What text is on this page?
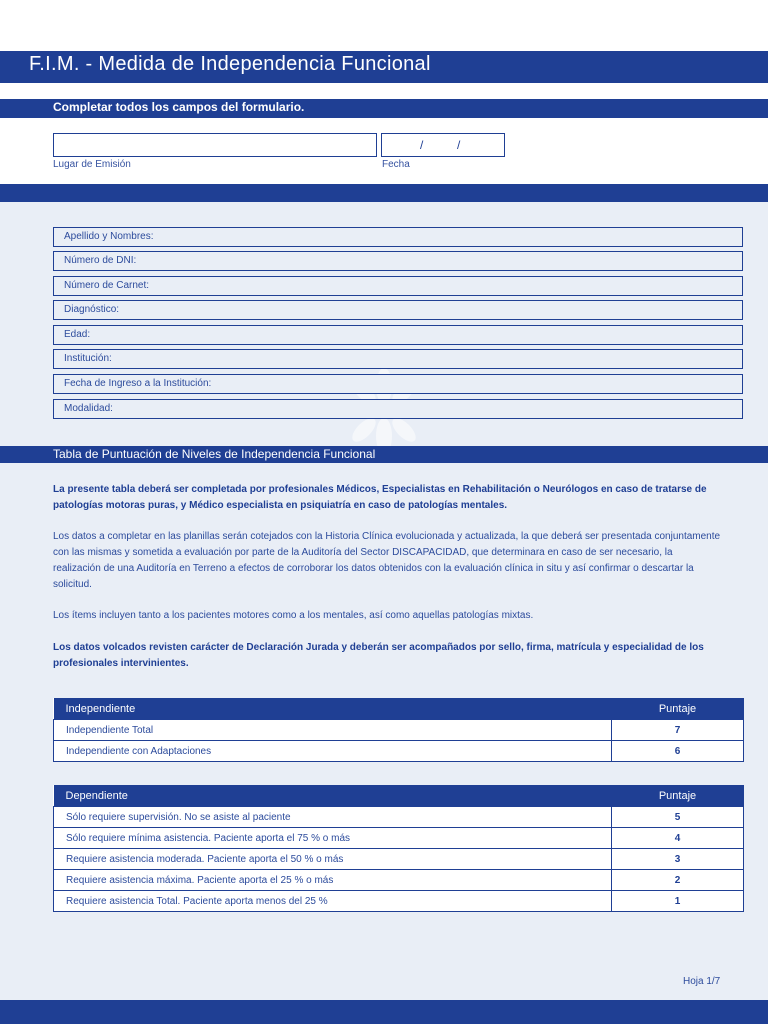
F.I.M. - Medida de Independencia Funcional
Completar todos los campos del formulario.
/	/
Lugar de Emisión	Fecha
Apellido y Nombres:
Número de DNI:
Número de Carnet:
Diagnóstico:
Edad:
Institución:
Fecha de Ingreso a la Institución:
Modalidad:
Tabla de Puntuación de Niveles de Independencia Funcional

La presente tabla deberá ser completada por profesionales Médicos, Especialistas en Rehabilitación o Neurólogos en caso de tratarse de patologías motoras puras, y Médico especialista en psiquiatría en caso de patologías mentales.

Los datos a completar en las planillas serán cotejados con la Historia Clínica evolucionada y actualizada, la que deberá ser presentada conjuntamente con las mismas y sometida a evaluación por parte de la Auditoría del Sector DISCAPACIDAD, que determinara en caso de ser necesario, la realización de una Auditoría en Terreno a efectos de corroborar los datos obtenidos con la evaluación clínica in situ y así confirmar o descartar la solicitud.

Los ítems incluyen tanto a los pacientes motores como a los mentales, así como aquellas patologías mixtas.

Los datos volcados revisten carácter de Declaración Jurada y deberán ser acompañados por sello, firma, matrícula y especialidad de los profesionales intervinientes.

Independiente	Puntaje
Independiente Total	7
Independiente con Adaptaciones	6
Dependiente	Puntaje
Sólo requiere supervisión. No se asiste al paciente	5
Sólo requiere mínima asistencia. Paciente aporta el 75 % o más	4
Requiere asistencia moderada. Paciente aporta el 50 % o más	3
Requiere asistencia máxima. Paciente aporta el 25 % o más	2
Requiere asistencia Total. Paciente aporta menos del 25 %	1
Hoja 1/7
